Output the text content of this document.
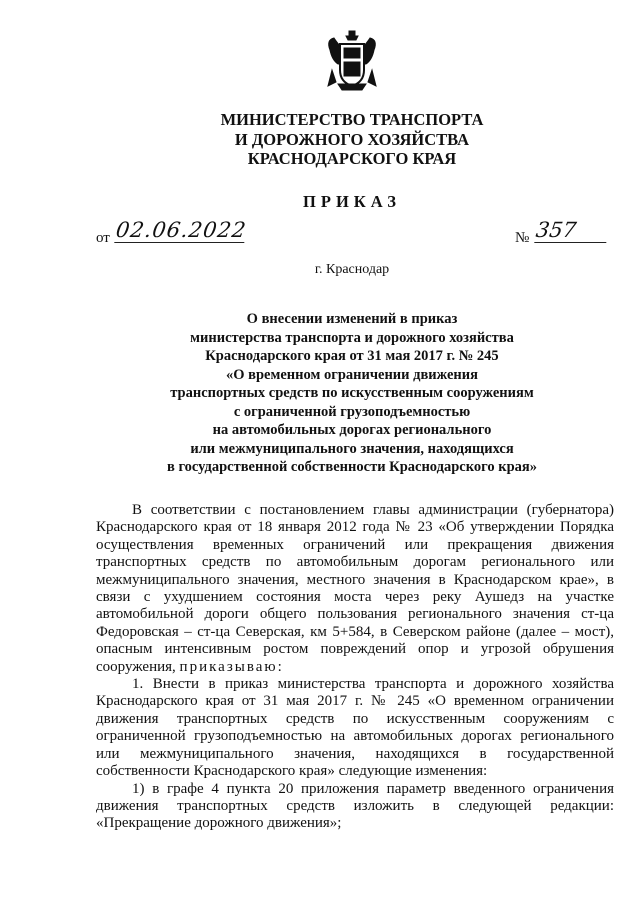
МИНИСТЕРСТВО ТРАНСПОРТА
И ДОРОЖНОГО ХОЗЯЙСТВА
КРАСНОДАРСКОГО КРАЯ
ПРИКАЗ
от 02.06.2022	№ 357
г. Краснодар
О внесении изменений в приказ
министерства транспорта и дорожного хозяйства
Краснодарского края от 31 мая 2017 г. № 245
«О временном ограничении движения
транспортных средств по искусственным сооружениям
с ограниченной грузоподъемностью
на автомобильных дорогах регионального
или межмуниципального значения, находящихся
в государственной собственности Краснодарского края»

В соответствии с постановлением главы администрации (губернатора) Краснодарского края от 18 января 2012 года № 23 «Об утверждении Порядка осуществления временных ограничений или прекращения движения транспортных средств по автомобильным дорогам регионального или межмуниципального значения, местного значения в Краснодарском крае», в связи с ухудшением состояния моста через реку Аушедз на участке автомобильной дороги общего пользования регионального значения ст-ца Федоровская – ст-ца Северская, км 5+584, в Северском районе (далее – мост), опасным интенсивным ростом повреждений опор и угрозой обрушения сооружения, приказываю:

1. Внести в приказ министерства транспорта и дорожного хозяйства Краснодарского края от 31 мая 2017 г. № 245 «О временном ограничении движения транспортных средств по искусственным сооружениям с ограниченной грузоподъемностью на автомобильных дорогах регионального или межмуниципального значения, находящихся в государственной собственности Краснодарского края» следующие изменения:

1) в графе 4 пункта 20 приложения параметр введенного ограничения движения транспортных средств изложить в следующей редакции: «Прекращение дорожного движения»;
